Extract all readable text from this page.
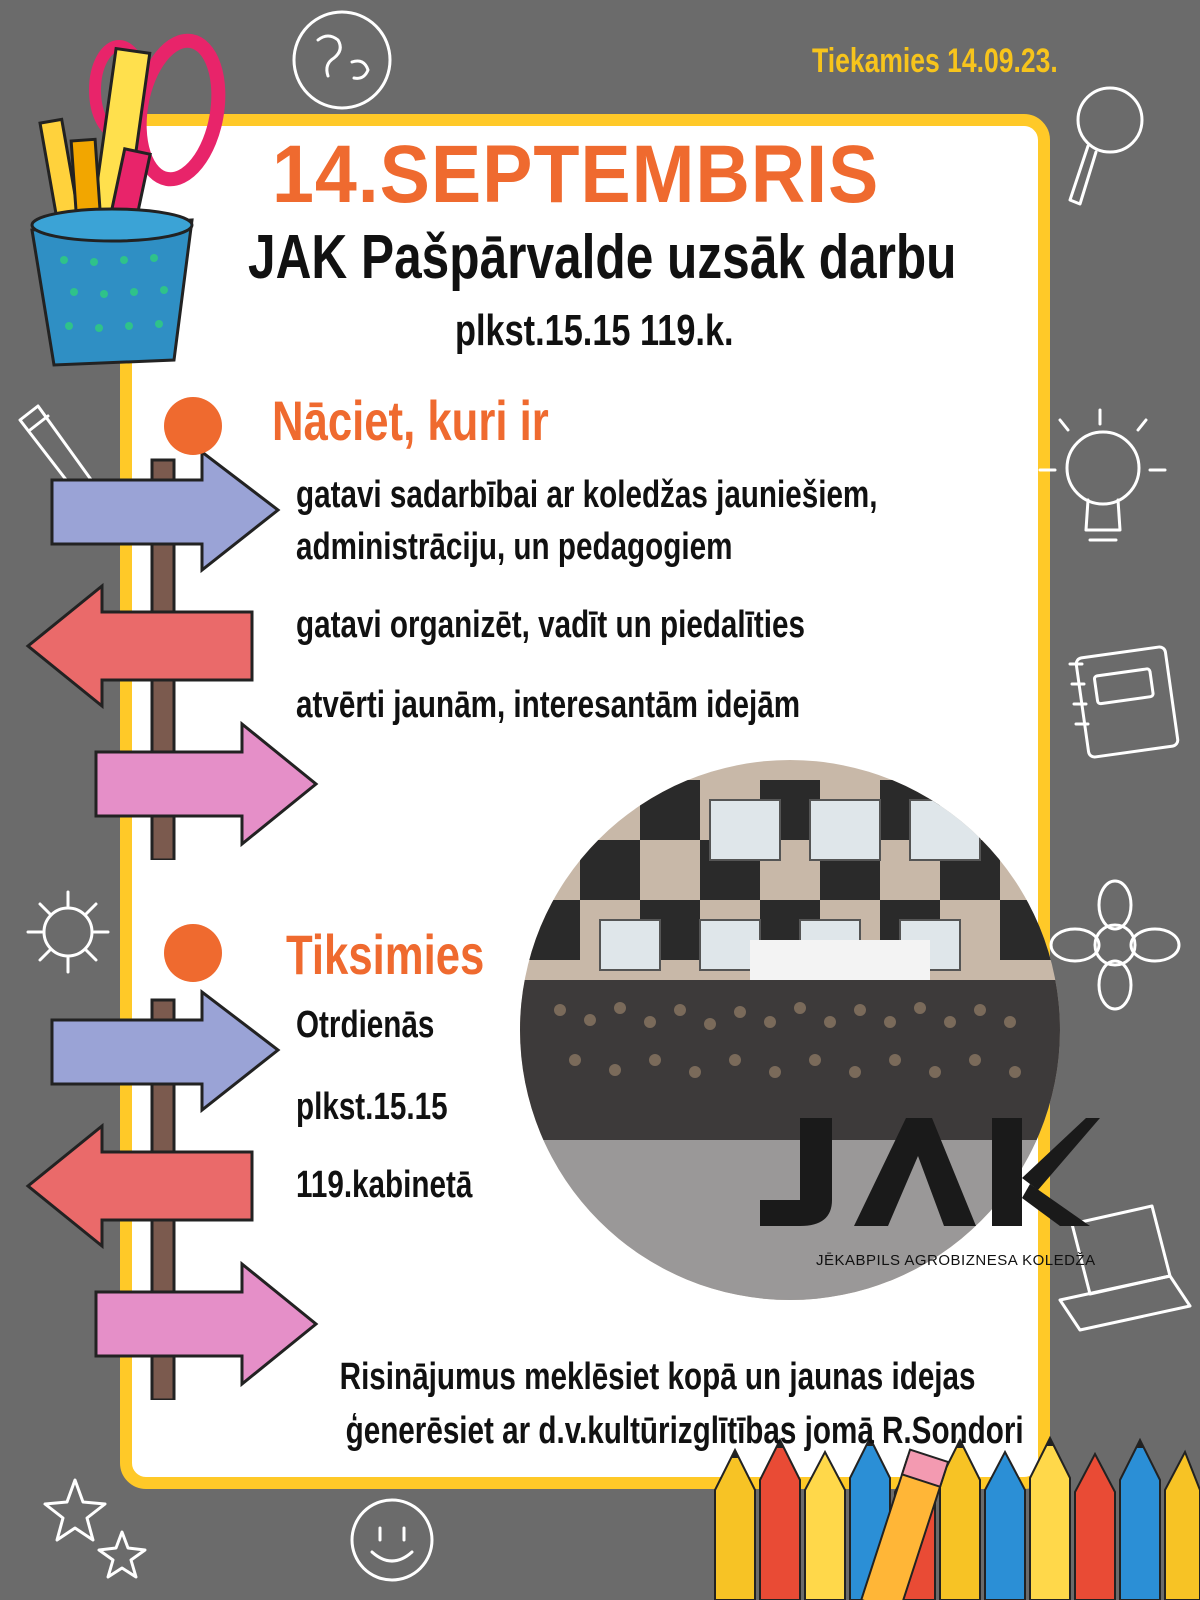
Tiekamies 14.09.23.
14.SEPTEMBRIS
JAK Pašpārvalde uzsāk darbu
plkst.15.15 119.k.
Nāciet, kuri ir
gatavi sadarbībai ar koledžas jauniešiem,
administrāciju, un pedagogiem
gatavi organizēt, vadīt un piedalīties
atvērti jaunām, interesantām idejām
Tiksimies
Otrdienās
plkst.15.15
119.kabinetā
JĒKABPILS AGROBIZNESA KOLEDŽA
Risinājumus meklēsiet kopā un jaunas idejas
ģenerēsiet ar d.v.kultūrizglītības jomā R.Sondori
